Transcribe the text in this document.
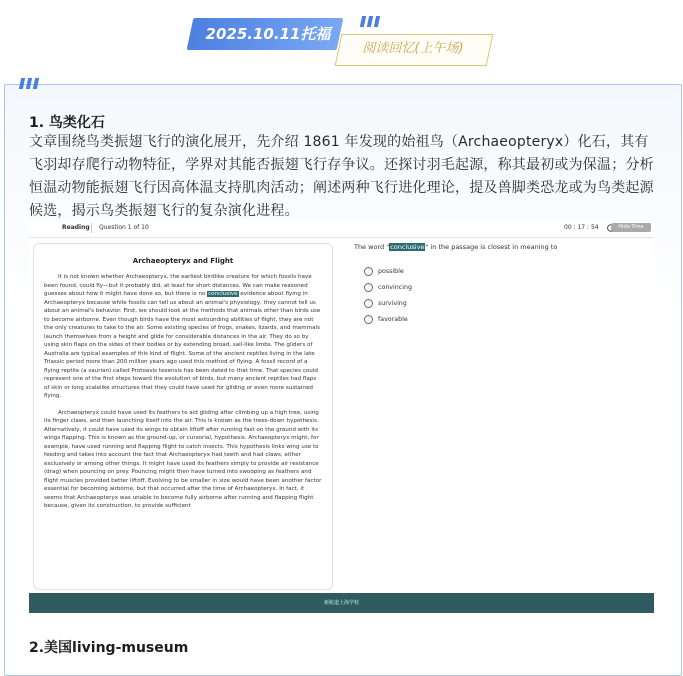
2025.10.11托福
阅读回忆(上午场)
1. 鸟类化石
文章围绕鸟类振翅飞行的演化展开，先介绍 1861 年发现的始祖鸟（Archaeopteryx）化石，其有飞羽却存爬行动物特征，学界对其能否振翅飞行存争议。还探讨羽毛起源，称其最初或为保温；分析恒温动物能振翅飞行因高体温支持肌肉活动；阐述两种飞行进化理论，提及兽脚类恐龙或为鸟类起源候选，揭示鸟类振翅飞行的复杂演化进程。
Reading Question 1 of 10	00 : 17 : 54	Hide Time
Archaeopteryx and Flight
It is not known whether Archaeopteryx, the earliest birdlike creature for which fossils have been found, could fly—but it probably did, at least for short distances. We can make reasoned guesses about how it might have done so, but there is no conclusive evidence about flying in Archaeopteryx because while fossils can tell us about an animal's physiology, they cannot tell us about an animal's behavior. First, we should look at the methods that animals other than birds use to become airborne. Even though birds have the most astounding abilities of flight, they are not the only creatures to take to the air. Some existing species of frogs, snakes, lizards, and mammals launch themselves from a height and glide for considerable distances in the air. They do so by using skin flaps on the sides of their bodies or by extending broad, sail-like limbs. The gliders of Australia are typical examples of this kind of flight. Some of the ancient reptiles living in the late Triassic period more than 200 million years ago used this method of flying. A fossil record of a flying reptile (a saurian) called Protoavis texensis has been dated to that time. That species could represent one of the first steps toward the evolution of birds, but many ancient reptiles had flaps of skin or long scalelike structures that they could have used for gliding or even more sustained flying.
Archaeopteryx could have used its feathers to aid gliding after climbing up a high tree, using its finger claws, and then launching itself into the air. This is known as the trees-down hypothesis. Alternatively, it could have used its wings to obtain liftoff after running fast on the ground with its wings flapping. This is known as the ground-up, or cursorial, hypothesis. Archaeopteryx might, for example, have used running and flapping flight to catch insects. This hypothesis links wing use to feeding and takes into account the fact that Archaeopteryx had teeth and had claws, either exclusively or among other things. It might have used its feathers simply to provide air resistance (drag) when pouncing on prey. Pouncing might then have turned into swooping as feathers and flight muscles provided better liftoff. Evolving to be smaller in size would have been another factor essential for becoming airborne, but that occurred after the time of Archaeopteryx. In fact, it seems that Archaeopteryx was unable to become fully airborne after running and flapping flight because, given its construction, to provide sufficient
The word "conclusive" in the passage is closest in meaning to
possible
convincing
surviving
favorable
新航道上海学校
2.美国living-museum
